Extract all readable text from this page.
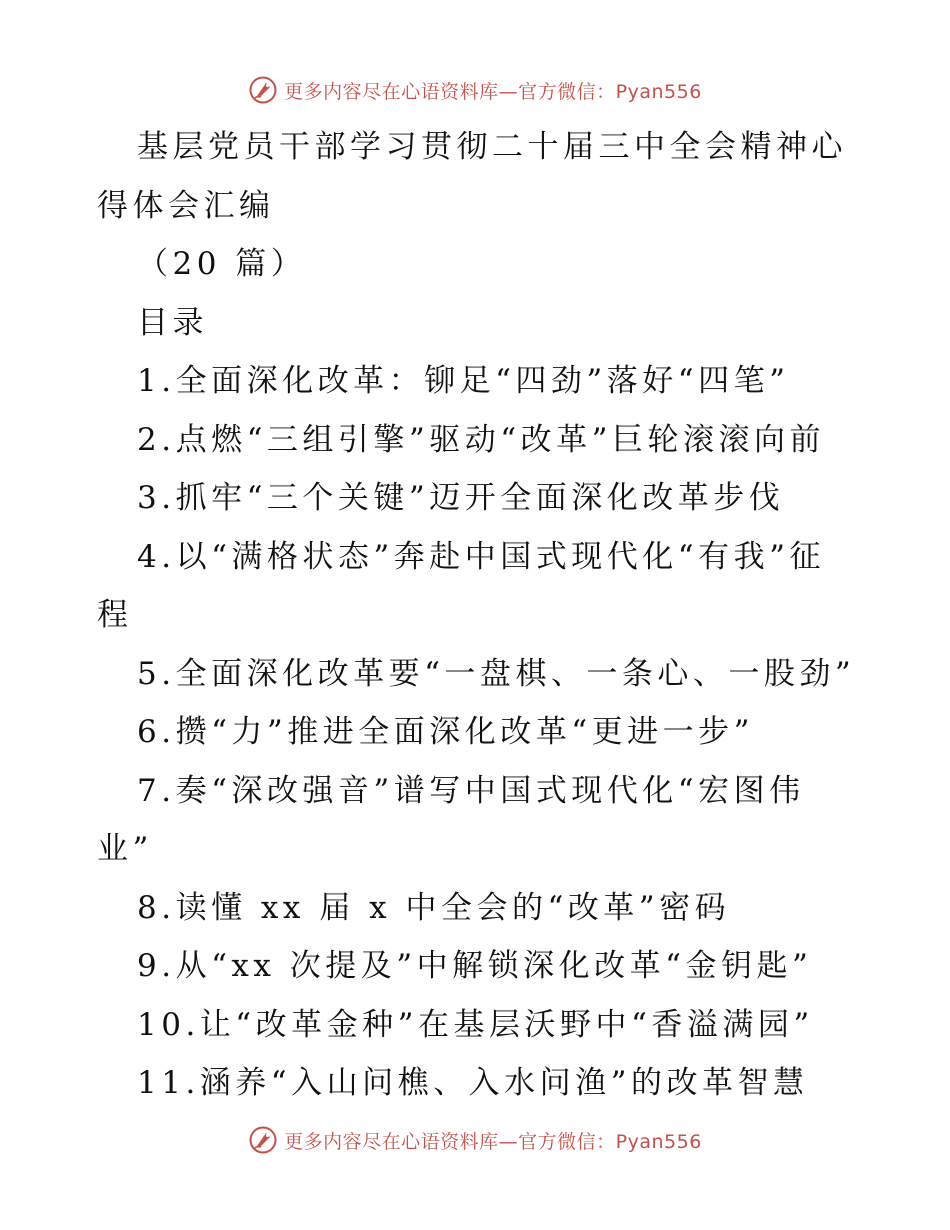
更多内容尽在心语资料库—官方微信：Pyan556
基层党员干部学习贯彻二十届三中全会精神心得体会汇编
（20 篇）
目录
1.全面深化改革：铆足“四劲”落好“四笔”
2.点燃“三组引擎”驱动“改革”巨轮滚滚向前
3.抓牢“三个关键”迈开全面深化改革步伐
4.以“满格状态”奔赴中国式现代化“有我”征程
5.全面深化改革要“一盘棋、一条心、一股劲”
6.攒“力”推进全面深化改革“更进一步”
7.奏“深改强音”谱写中国式现代化“宏图伟业”
8.读懂 xx 届 x 中全会的“改革”密码
9.从“xx 次提及”中解锁深化改革“金钥匙”
10.让“改革金种”在基层沃野中“香溢满园”
11.涵养“入山问樵、入水问渔”的改革智慧
更多内容尽在心语资料库—官方微信：Pyan556
